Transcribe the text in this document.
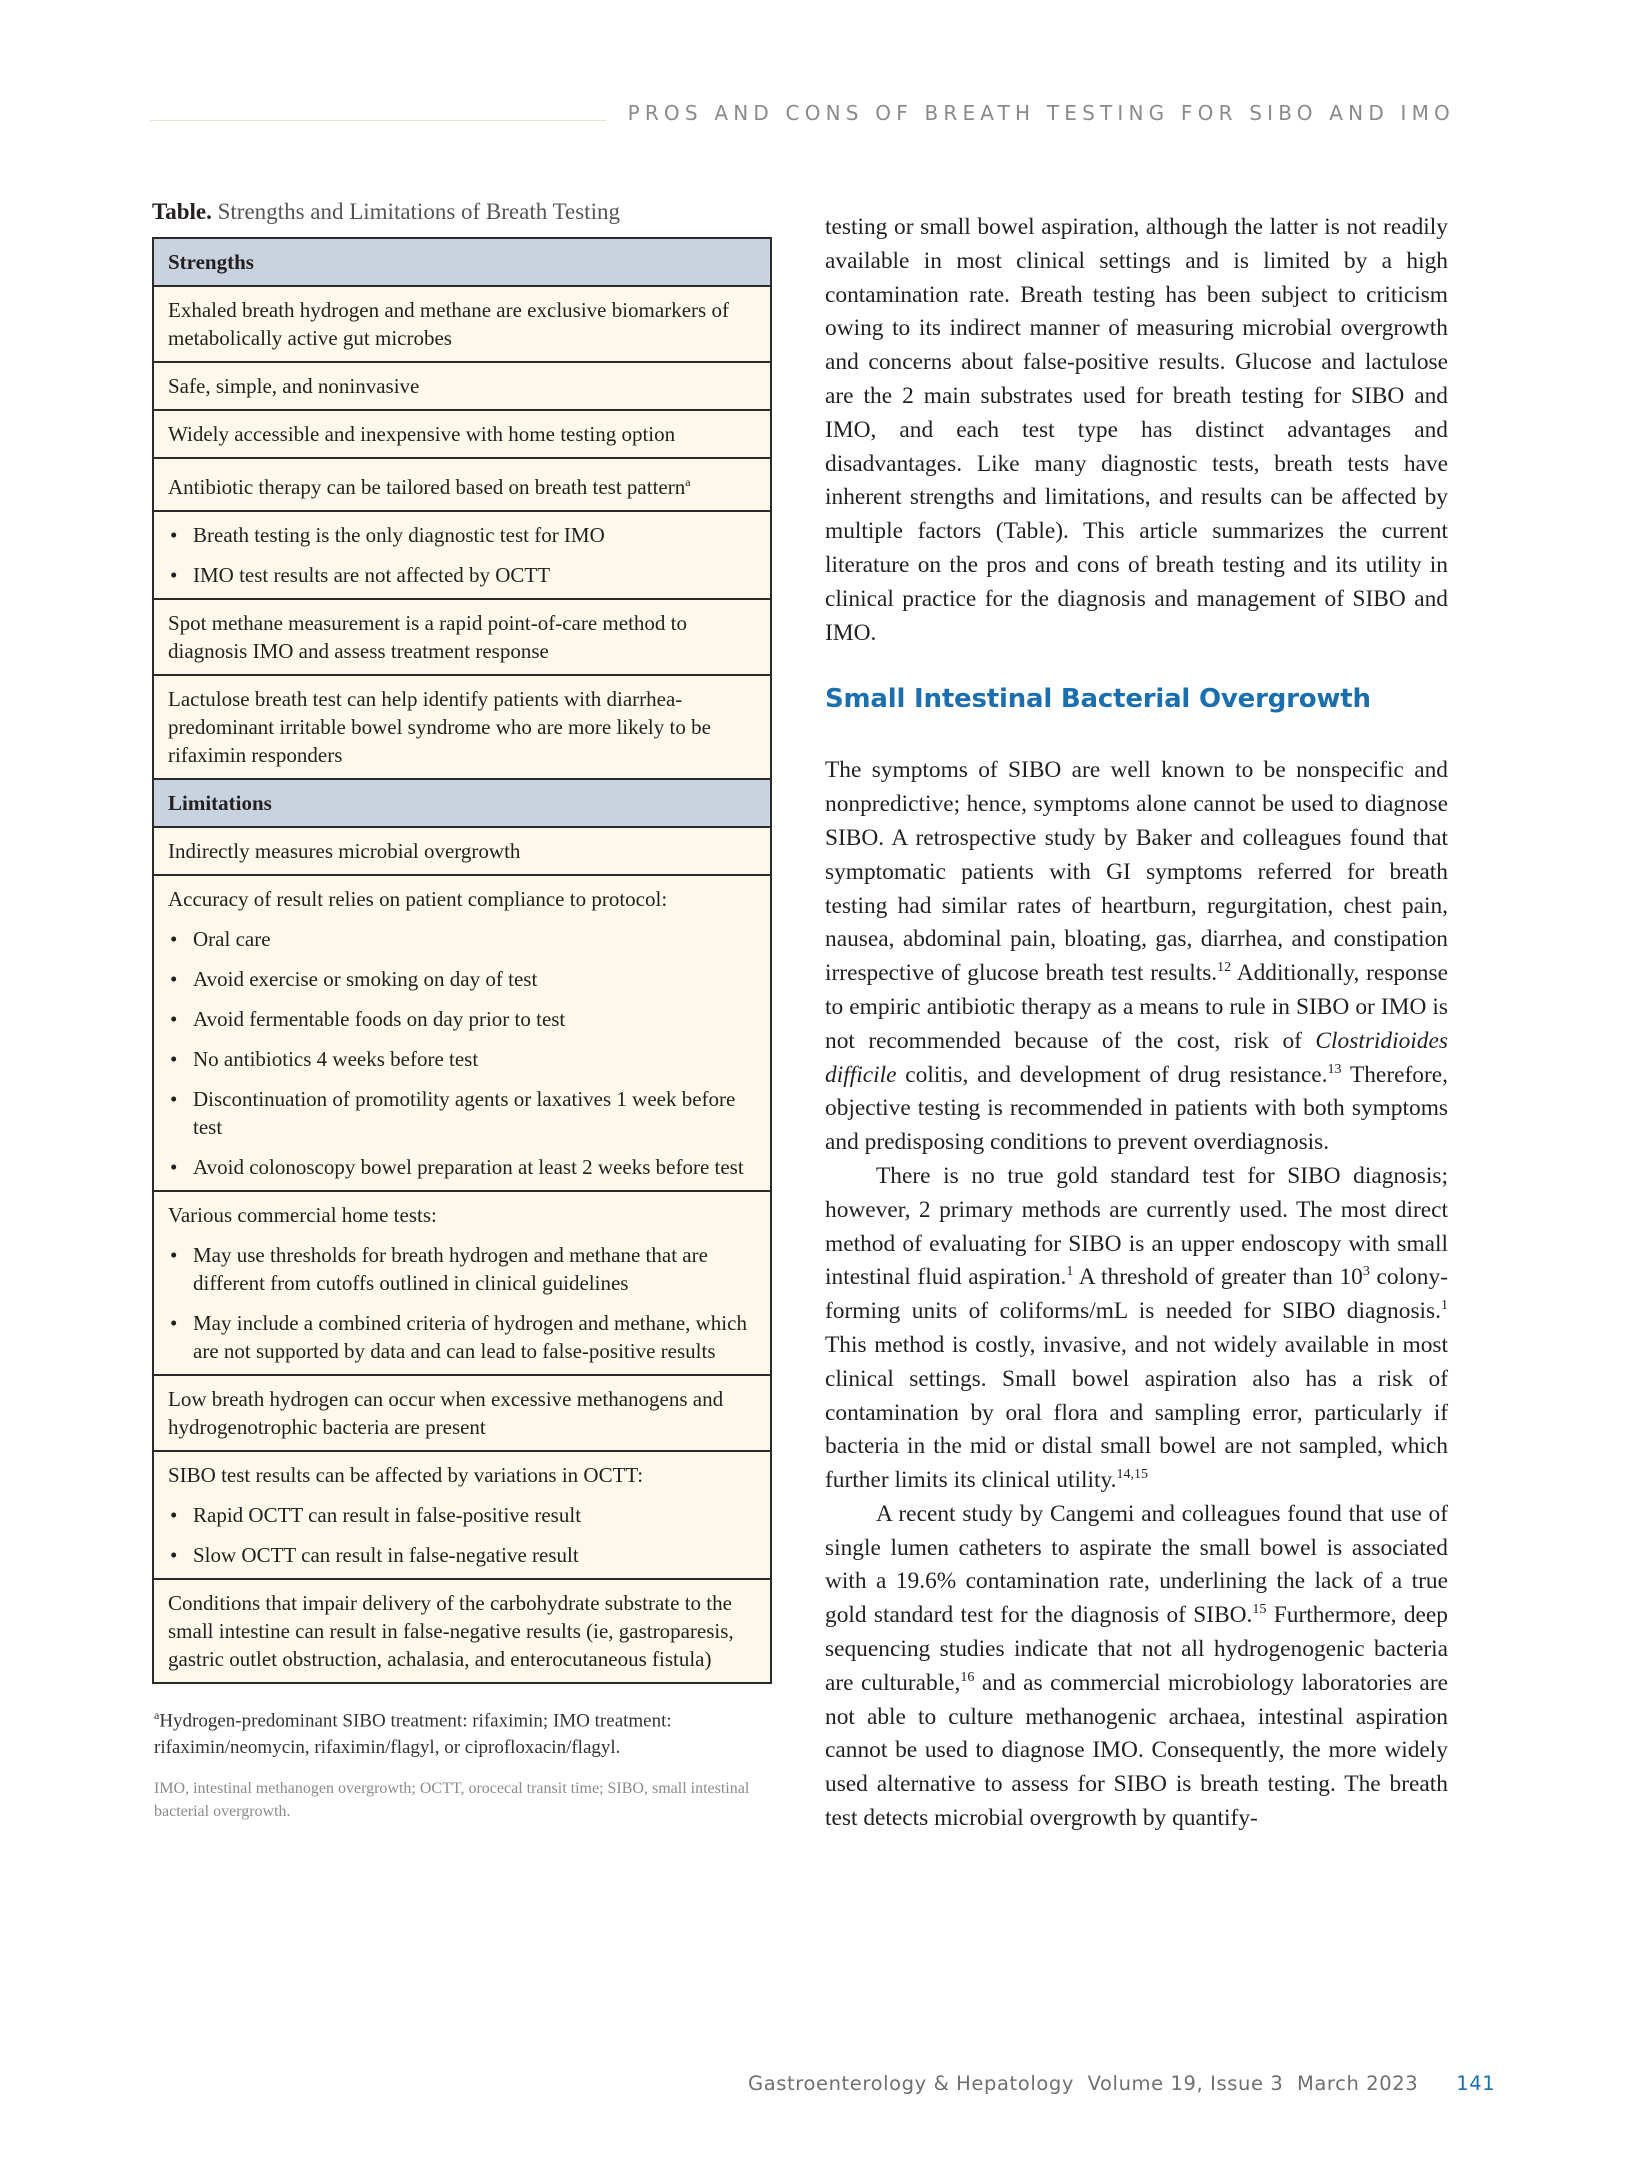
PROS AND CONS OF BREATH TESTING FOR SIBO AND IMO

Table. Strengths and Limitations of Breath Testing

Strengths
Exhaled breath hydrogen and methane are exclusive biomarkers of metabolically active gut microbes
Safe, simple, and noninvasive
Widely accessible and inexpensive with home testing option
Antibiotic therapy can be tailored based on breath test pattern$^a$
• Breath testing is the only diagnostic test for IMO
• IMO test results are not affected by OCTT
Spot methane measurement is a rapid point-of-care method to diagnosis IMO and assess treatment response
Lactulose breath test can help identify patients with diarrhea-predominant irritable bowel syndrome who are more likely to be rifaximin responders
Limitations
Indirectly measures microbial overgrowth
Accuracy of result relies on patient compliance to protocol:
• Oral care
• Avoid exercise or smoking on day of test
• Avoid fermentable foods on day prior to test
• No antibiotics 4 weeks before test
• Discontinuation of promotility agents or laxatives 1 week before test
• Avoid colonoscopy bowel preparation at least 2 weeks before test
Various commercial home tests:
• May use thresholds for breath hydrogen and methane that are different from cutoffs outlined in clinical guidelines
• May include a combined criteria of hydrogen and methane, which are not supported by data and can lead to false-positive results
Low breath hydrogen can occur when excessive methanogens and hydrogenotrophic bacteria are present
SIBO test results can be affected by variations in OCTT:
• Rapid OCTT can result in false-positive result
• Slow OCTT can result in false-negative result
Conditions that impair delivery of the carbohydrate substrate to the small intestine can result in false-negative results (ie, gastroparesis, gastric outlet obstruction, achalasia, and enterocutaneous fistula)
$^a$Hydrogen-predominant SIBO treatment: rifaximin; IMO treatment: rifaximin/neomycin, rifaximin/flagyl, or ciprofloxacin/flagyl.
IMO, intestinal methanogen overgrowth; OCTT, orocecal transit time; SIBO, small intestinal bacterial overgrowth.

testing or small bowel aspiration, although the latter is not readily available in most clinical settings and is limited by a high contamination rate. Breath testing has been subject to criticism owing to its indirect manner of measuring microbial overgrowth and concerns about false-positive results. Glucose and lactulose are the 2 main substrates used for breath testing for SIBO and IMO, and each test type has distinct advantages and disadvantages. Like many diagnostic tests, breath tests have inherent strengths and limitations, and results can be affected by multiple factors (Table). This article summarizes the current literature on the pros and cons of breath testing and its utility in clinical practice for the diagnosis and management of SIBO and IMO.

Small Intestinal Bacterial Overgrowth

The symptoms of SIBO are well known to be nonspecific and nonpredictive; hence, symptoms alone cannot be used to diagnose SIBO. A retrospective study by Baker and colleagues found that symptomatic patients with GI symptoms referred for breath testing had similar rates of heartburn, regurgitation, chest pain, nausea, abdominal pain, bloating, gas, diarrhea, and constipation irrespective of glucose breath test results.$^{12}$ Additionally, response to empiric antibiotic therapy as a means to rule in SIBO or IMO is not recommended because of the cost, risk of Clostridioides difficile colitis, and development of drug resistance.$^{13}$ Therefore, objective testing is recommended in patients with both symptoms and predisposing conditions to prevent overdiagnosis.

There is no true gold standard test for SIBO diagnosis; however, 2 primary methods are currently used. The most direct method of evaluating for SIBO is an upper endoscopy with small intestinal fluid aspiration.$^1$ A threshold of greater than $10^3$ colony-forming units of coliforms/mL is needed for SIBO diagnosis.$^1$ This method is costly, invasive, and not widely available in most clinical settings. Small bowel aspiration also has a risk of contamination by oral flora and sampling error, particularly if bacteria in the mid or distal small bowel are not sampled, which further limits its clinical utility.$^{14,15}$

A recent study by Cangemi and colleagues found that use of single lumen catheters to aspirate the small bowel is associated with a 19.6% contamination rate, underlining the lack of a true gold standard test for the diagnosis of SIBO.$^{15}$ Furthermore, deep sequencing studies indicate that not all hydrogenogenic bacteria are culturable,$^{16}$ and as commercial microbiology laboratories are not able to culture methanogenic archaea, intestinal aspiration cannot be used to diagnose IMO. Consequently, the more widely used alternative to assess for SIBO is breath testing. The breath test detects microbial overgrowth by quantify-

Gastroenterology & Hepatology  Volume 19, Issue 3  March 2023 141
